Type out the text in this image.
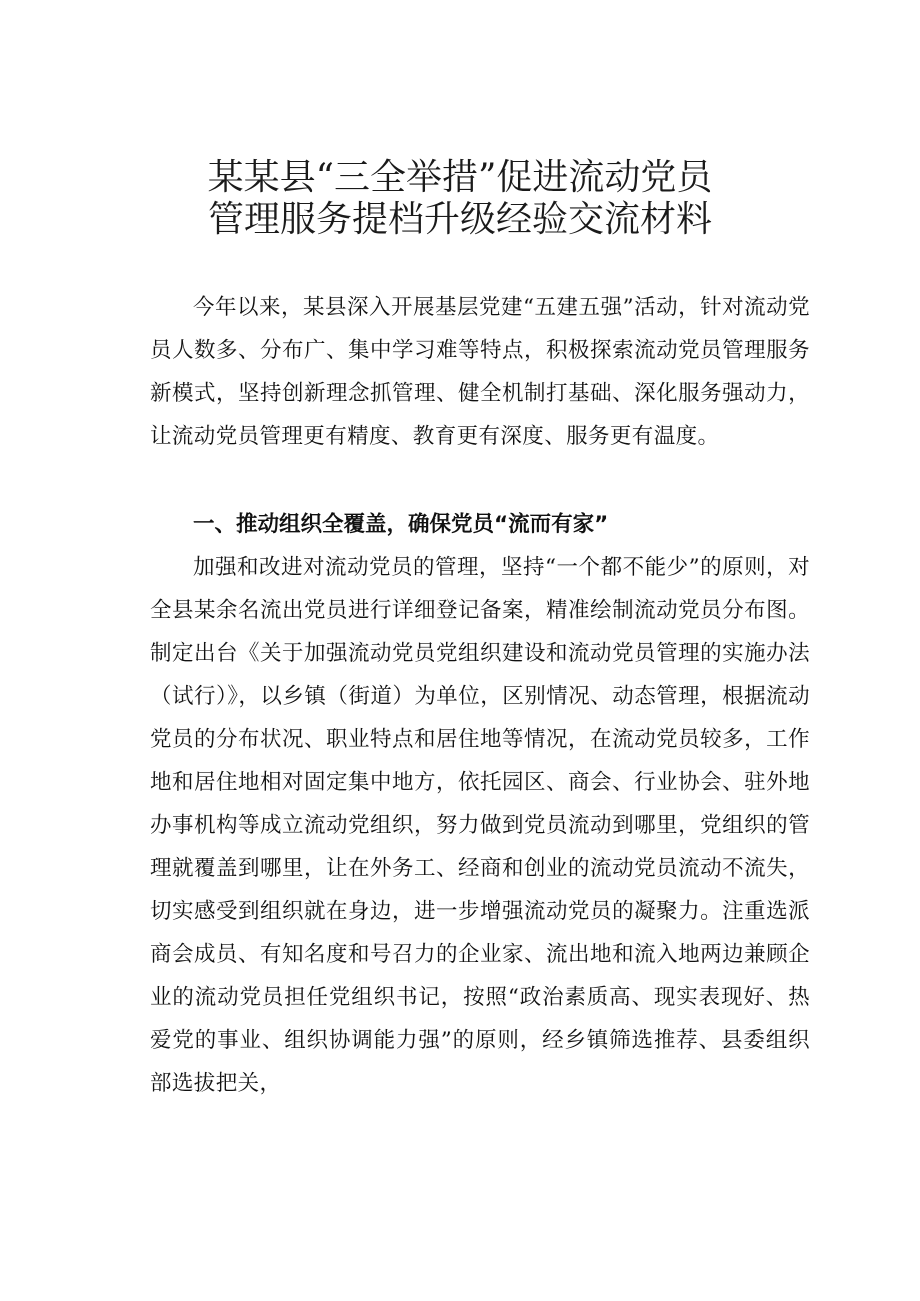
某某县“三全举措”促进流动党员
管理服务提档升级经验交流材料

今年以来，某县深入开展基层党建“五建五强”活动，针对流动党员人数多、分布广、集中学习难等特点，积极探索流动党员管理服务新模式，坚持创新理念抓管理、健全机制打基础、深化服务强动力，让流动党员管理更有精度、教育更有深度、服务更有温度。

一、推动组织全覆盖，确保党员“流而有家”

加强和改进对流动党员的管理，坚持“一个都不能少”的原则，对全县某余名流出党员进行详细登记备案，精准绘制流动党员分布图。制定出台《关于加强流动党员党组织建设和流动党员管理的实施办法（试行）》，以乡镇（街道）为单位，区别情况、动态管理，根据流动党员的分布状况、职业特点和居住地等情况，在流动党员较多，工作地和居住地相对固定集中地方，依托园区、商会、行业协会、驻外地办事机构等成立流动党组织，努力做到党员流动到哪里，党组织的管理就覆盖到哪里，让在外务工、经商和创业的流动党员流动不流失，切实感受到组织就在身边，进一步增强流动党员的凝聚力。注重选派商会成员、有知名度和号召力的企业家、流出地和流入地两边兼顾企业的流动党员担任党组织书记，按照“政治素质高、现实表现好、热爱党的事业、组织协调能力强”的原则，经乡镇筛选推荐、县委组织部选拔把关，
